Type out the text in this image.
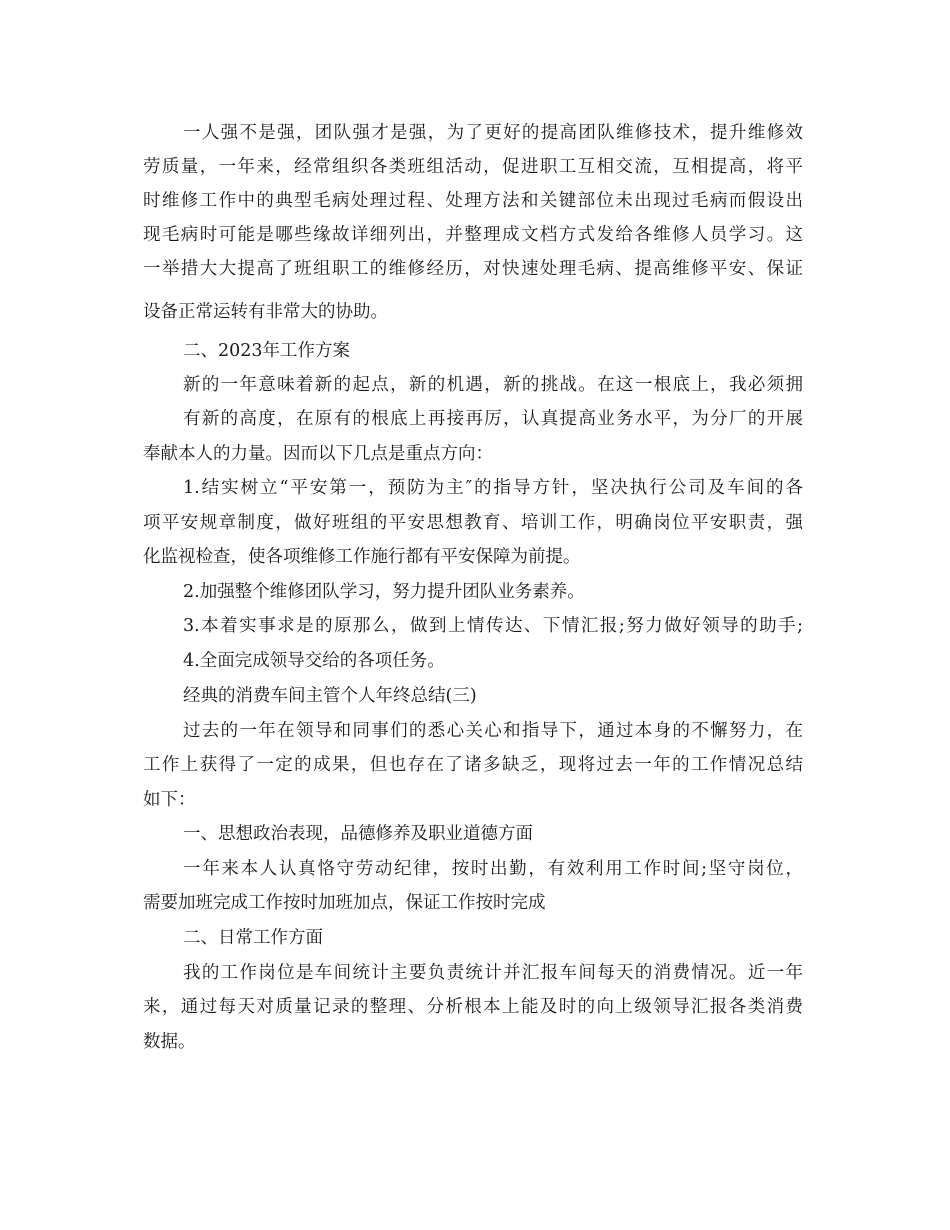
一人强不是强，团队强才是强，为了更好的提高团队维修技术，提升维修效
劳质量，一年来，经常组织各类班组活动，促进职工互相交流，互相提高，将平
时维修工作中的典型毛病处理过程、处理方法和关键部位未出现过毛病而假设出
现毛病时可能是哪些缘故详细列出，并整理成文档方式发给各维修人员学习。这
一举措大大提高了班组职工的维修经历，对快速处理毛病、提高维修平安、保证
设备正常运转有非常大的协助。
二、2023年工作方案
新的一年意味着新的起点，新的机遇，新的挑战。在这一根底上，我必须拥
有新的高度，在原有的根底上再接再厉，认真提高业务水平，为分厂的开展
奉献本人的力量。因而以下几点是重点方向：
1.结实树立“平安第一，预防为主″的指导方针，坚决执行公司及车间的各
项平安规章制度，做好班组的平安思想教育、培训工作，明确岗位平安职责，强
化监视检查，使各项维修工作施行都有平安保障为前提。
2.加强整个维修团队学习，努力提升团队业务素养。
3.本着实事求是的原那么，做到上情传达、下情汇报;努力做好领导的助手;
4.全面完成领导交给的各项任务。
经典的消费车间主管个人年终总结(三)
过去的一年在领导和同事们的悉心关心和指导下，通过本身的不懈努力，在
工作上获得了一定的成果，但也存在了诸多缺乏，现将过去一年的工作情况总结
如下：
一、思想政治表现，品德修养及职业道德方面
一年来本人认真恪守劳动纪律，按时出勤，有效利用工作时间;坚守岗位，
需要加班完成工作按时加班加点，保证工作按时完成
二、日常工作方面
我的工作岗位是车间统计主要负责统计并汇报车间每天的消费情况。近一年
来，通过每天对质量记录的整理、分析根本上能及时的向上级领导汇报各类消费
数据。
